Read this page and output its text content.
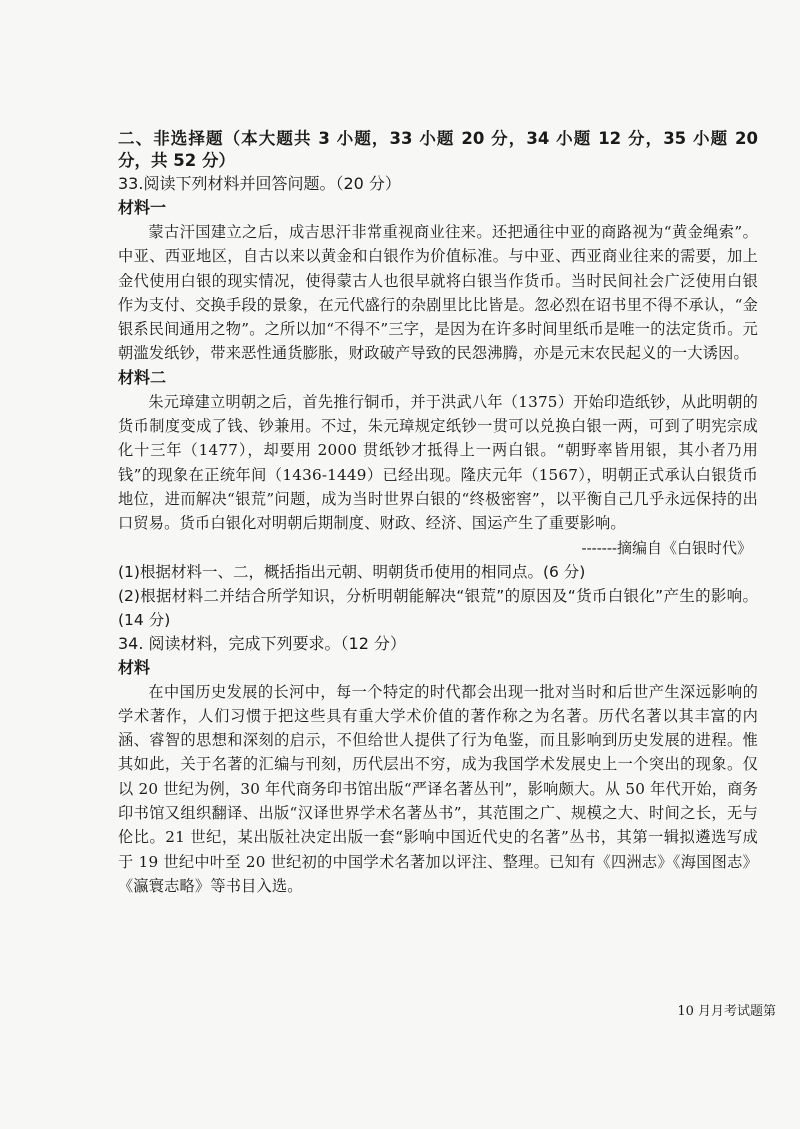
二、非选择题（本大题共 3 小题，33 小题 20 分，34 小题 12 分，35 小题 20 分，共 52 分）

33.阅读下列材料并回答问题。（20 分）

材料一

蒙古汗国建立之后，成吉思汗非常重视商业往来。还把通往中亚的商路视为“黄金绳索”。中亚、西亚地区，自古以来以黄金和白银作为价值标准。与中亚、西亚商业往来的需要，加上金代使用白银的现实情况，使得蒙古人也很早就将白银当作货币。当时民间社会广泛使用白银作为支付、交换手段的景象，在元代盛行的杂剧里比比皆是。忽必烈在诏书里不得不承认，“金银系民间通用之物”。之所以加“不得不”三字，是因为在许多时间里纸币是唯一的法定货币。元朝滥发纸钞，带来恶性通货膨胀，财政破产导致的民怨沸腾，亦是元末农民起义的一大诱因。

材料二

朱元璋建立明朝之后，首先推行铜币，并于洪武八年（1375）开始印造纸钞，从此明朝的货币制度变成了钱、钞兼用。不过，朱元璋规定纸钞一贯可以兑换白银一两，可到了明宪宗成化十三年（1477），却要用 2000 贯纸钞才抵得上一两白银。“朝野率皆用银，其小者乃用钱”的现象在正统年间（1436-1449）已经出现。隆庆元年（1567），明朝正式承认白银货币地位，进而解决“银荒”问题，成为当时世界白银的“终极密窖”，以平衡自己几乎永远保持的出口贸易。货币白银化对明朝后期制度、财政、经济、国运产生了重要影响。

-------摘编自《白银时代》

(1)根据材料一、二，概括指出元朝、明朝货币使用的相同点。(6 分)

(2)根据材料二并结合所学知识，分析明朝能解决“银荒”的原因及“货币白银化”产生的影响。(14 分)

34. 阅读材料，完成下列要求。（12 分）

材料

在中国历史发展的长河中，每一个特定的时代都会出现一批对当时和后世产生深远影响的学术著作，人们习惯于把这些具有重大学术价值的著作称之为名著。历代名著以其丰富的内涵、睿智的思想和深刻的启示，不但给世人提供了行为龟鉴，而且影响到历史发展的进程。惟其如此，关于名著的汇编与刊刻，历代层出不穷，成为我国学术发展史上一个突出的现象。仅以 20 世纪为例，30 年代商务印书馆出版“严译名著丛刊”，影响颇大。从 50 年代开始，商务印书馆又组织翻译、出版“汉译世界学术名著丛书”，其范围之广、规模之大、时间之长，无与伦比。21 世纪，某出版社决定出版一套“影响中国近代史的名著”丛书，其第一辑拟遴选写成于 19 世纪中叶至 20 世纪初的中国学术名著加以评注、整理。已知有《四洲志》《海国图志》《瀛寰志略》等书目入选。

10 月月考试题第
